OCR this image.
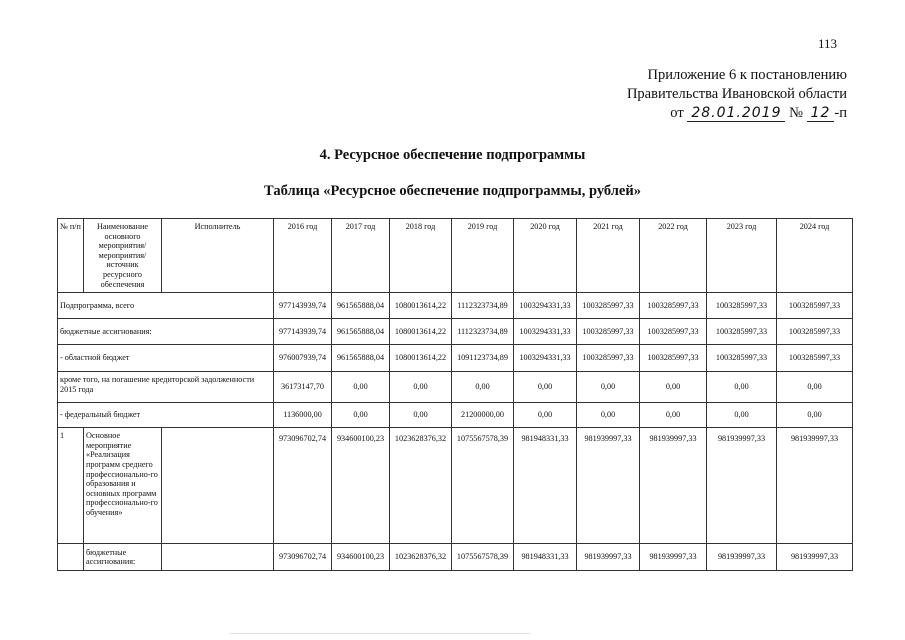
113
Приложение 6 к постановлению
Правительства Ивановской области
от 28.01.2019 № 12 -п
4. Ресурсное обеспечение подпрограммы
Таблица «Ресурсное обеспечение подпрограммы, рублей»
№ п/п	Наименование основного мероприятия/мероприятия/источник ресурсного обеспечения	Исполнитель	2016 год	2017 год	2018 год	2019 год	2020 год	2021 год	2022 год	2023 год	2024 год
Подпрограмма, всего			977143939,74	961565888,04	1080013614,22	1112323734,89	1003294331,33	1003285997,33	1003285997,33	1003285997,33	1003285997,33
бюджетные ассигнования:			977143939,74	961565888,04	1080013614,22	1112323734,89	1003294331,33	1003285997,33	1003285997,33	1003285997,33	1003285997,33
- областной бюджет			976007939,74	961565888,04	1080013614,22	1091123734,89	1003294331,33	1003285997,33	1003285997,33	1003285997,33	1003285997,33
кроме того, на погашение кредиторской задолженности 2015 года			36173147,70	0,00	0,00	0,00	0,00	0,00	0,00	0,00	0,00
- федеральный бюджет			1136000,00	0,00	0,00	21200000,00	0,00	0,00	0,00	0,00	0,00
1	Основное мероприятие «Реализация программ среднего профессионально-го образования и основных программ профессионально-го обучения»		973096702,74	934600100,23	1023628376,32	1075567578,39	981948331,33	981939997,33	981939997,33	981939997,33	981939997,33
	бюджетные ассигнования:		973096702,74	934600100,23	1023628376,32	1075567578,39	981948331,33	981939997,33	981939997,33	981939997,33	981939997,33
